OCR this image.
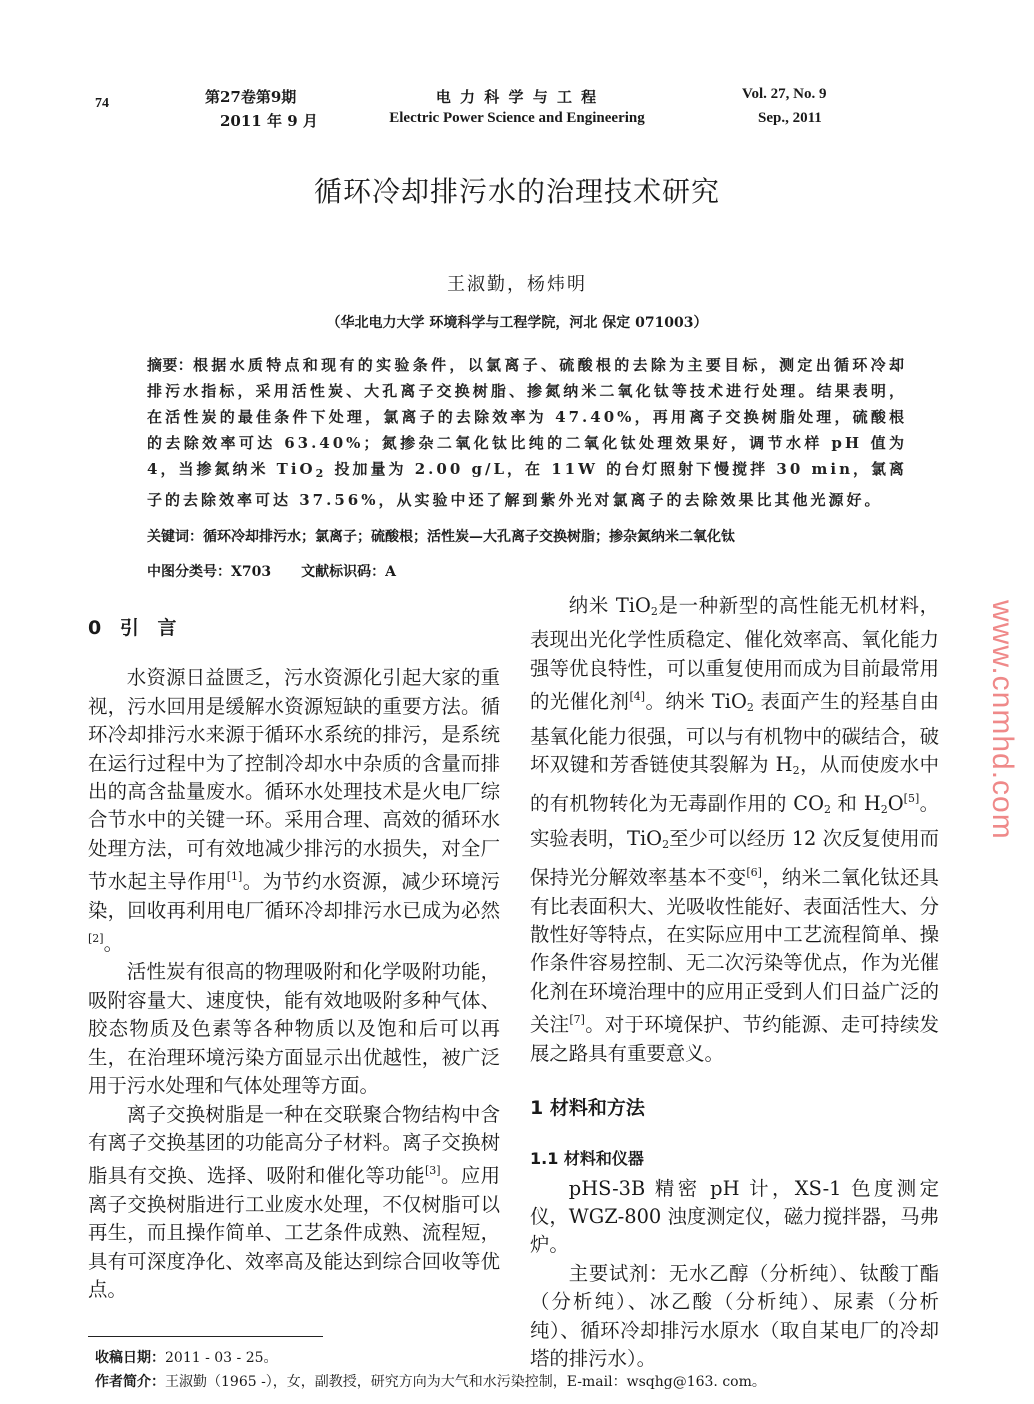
74	第27卷第9期
2011 年 9 月
电 力 科 学 与 工 程
Electric Power Science and Engineering
Vol. 27, No. 9
Sep., 2011
循环冷却排污水的治理技术研究
王淑勤，杨炜明
（华北电力大学 环境科学与工程学院，河北 保定 071003）
摘要：根据水质特点和现有的实验条件，以氯离子、硫酸根的去除为主要目标，测定出循环冷却排污水指标，采用活性炭、大孔离子交换树脂、掺氮纳米二氧化钛等技术进行处理。结果表明，在活性炭的最佳条件下处理，氯离子的去除效率为 47.40%，再用离子交换树脂处理，硫酸根的去除效率可达 63.40%；氮掺杂二氧化钛比纯的二氧化钛处理效果好，调节水样 pH 值为 4，当掺氮纳米 TiO$_2$ 投加量为 2.00 g/L，在 11W 的台灯照射下慢搅拌 30 min，氯离子的去除效率可达 37.56%，从实验中还了解到紫外光对氯离子的去除效果比其他光源好。
关键词：循环冷却排污水；氯离子；硫酸根；活性炭—大孔离子交换树脂；掺杂氮纳米二氧化钛
中图分类号：X703 文献标识码：A
0 引 言

水资源日益匮乏，污水资源化引起大家的重视，污水回用是缓解水资源短缺的重要方法。循环冷却排污水来源于循环水系统的排污，是系统在运行过程中为了控制冷却水中杂质的含量而排出的高含盐量废水。循环水处理技术是火电厂综合节水中的关键一环。采用合理、高效的循环水处理方法，可有效地减少排污的水损失，对全厂节水起主导作用[1]。为节约水资源，减少环境污染，回收再利用电厂循环冷却排污水已成为必然[2]。

活性炭有很高的物理吸附和化学吸附功能，吸附容量大、速度快，能有效地吸附多种气体、胶态物质及色素等各种物质以及饱和后可以再生，在治理环境污染方面显示出优越性，被广泛用于污水处理和气体处理等方面。

离子交换树脂是一种在交联聚合物结构中含有离子交换基团的功能高分子材料。离子交换树脂具有交换、选择、吸附和催化等功能[3]。应用离子交换树脂进行工业废水处理，不仅树脂可以再生，而且操作简单、工艺条件成熟、流程短，具有可深度净化、效率高及能达到综合回收等优点。

纳米 TiO$_2$是一种新型的高性能无机材料，表现出光化学性质稳定、催化效率高、氧化能力强等优良特性，可以重复使用而成为目前最常用的光催化剂[4]。纳米 TiO$_2$ 表面产生的羟基自由基氧化能力很强，可以与有机物中的碳结合，破坏双键和芳香链使其裂解为 $H_2$，从而使废水中的有机物转化为无毒副作用的 $CO_2$ 和 $H_2O[5]$。实验表明，TiO$_2$至少可以经历 12 次反复使用而保持光分解效率基本不变[6]，纳米二氧化钛还具有比表面积大、光吸收性能好、表面活性大、分散性好等特点，在实际应用中工艺流程简单、操作条件容易控制、无二次污染等优点，作为光催化剂在环境治理中的应用正受到人们日益广泛的关注[7]。对于环境保护、节约能源、走可持续发展之路具有重要意义。

1 材料和方法
1.1 材料和仪器

pHS-3B 精密 pH 计，XS-1 色度测定仪，WGZ-800 浊度测定仪，磁力搅拌器，马弗炉。

主要试剂：无水乙醇（分析纯）、钛酸丁酯（分析纯）、冰乙酸（分析纯）、尿素（分析纯）、循环冷却排污水原水（取自某电厂的冷却塔的排污水）。

收稿日期：2011 - 03 - 25。
作者简介：王淑勤（1965 -），女，副教授，研究方向为大气和水污染控制，E-mail：wsqhg@163. com。
www.cnmhd.com
